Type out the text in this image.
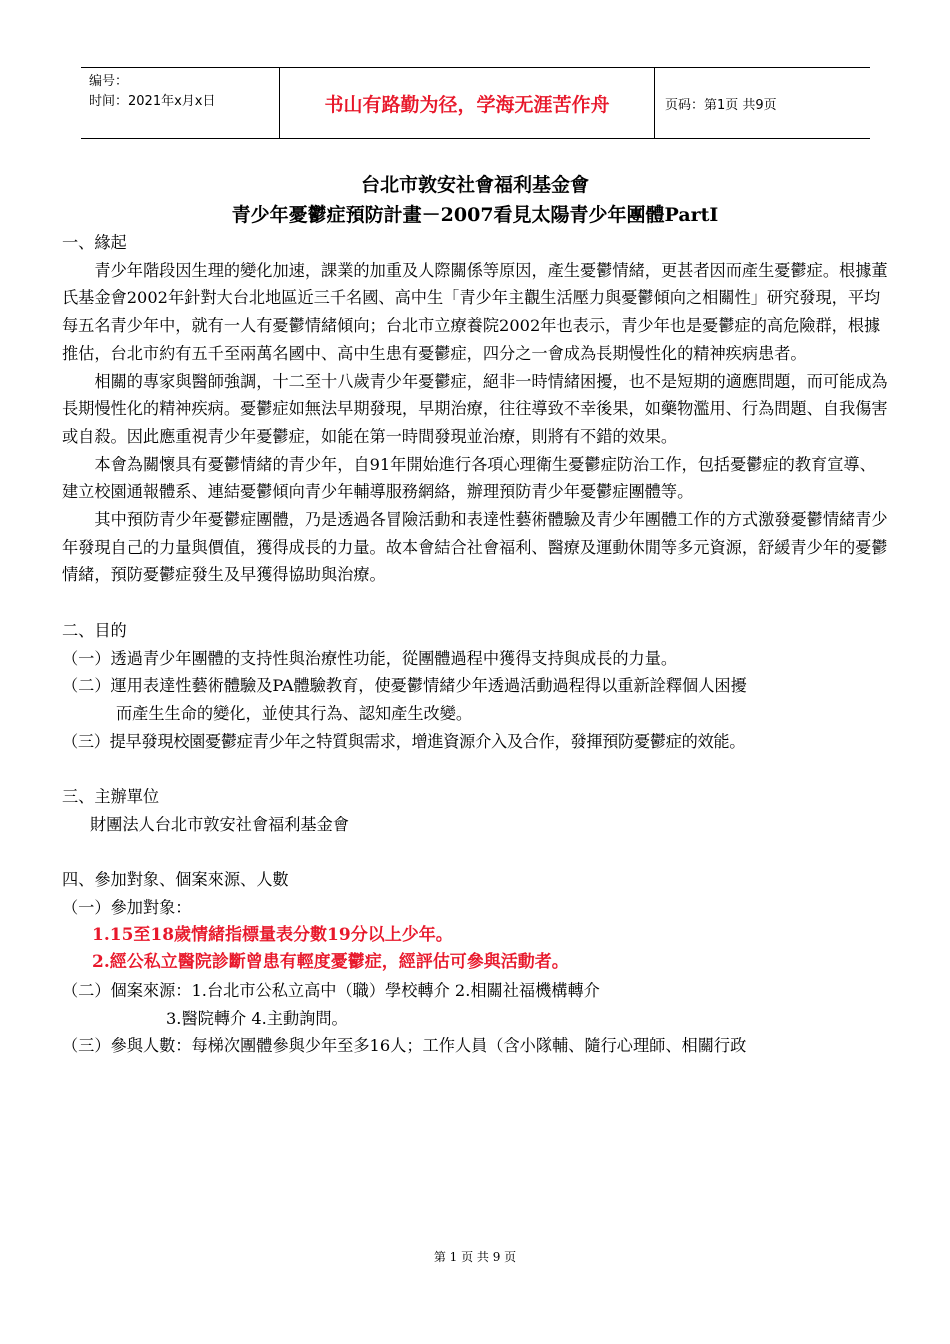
编号：
时间：2021年x月x日	书山有路勤为径，学海无涯苦作舟	页码：第1页 共9页
台北市敦安社會福利基金會
青少年憂鬱症預防計畫－2007看見太陽青少年團體PartI

一、緣起

青少年階段因生理的變化加速，課業的加重及人際關係等原因，產生憂鬱情緒，更甚者因而產生憂鬱症。根據董氏基金會2002年針對大台北地區近三千名國、高中生「青少年主觀生活壓力與憂鬱傾向之相關性」研究發現，平均每五名青少年中，就有一人有憂鬱情緒傾向；台北市立療養院2002年也表示，青少年也是憂鬱症的高危險群，根據推估，台北市約有五千至兩萬名國中、高中生患有憂鬱症，四分之一會成為長期慢性化的精神疾病患者。

相關的專家與醫師強調，十二至十八歲青少年憂鬱症，絕非一時情緒困擾，也不是短期的適應問題，而可能成為長期慢性化的精神疾病。憂鬱症如無法早期發現，早期治療，往往導致不幸後果，如藥物濫用、行為問題、自我傷害或自殺。因此應重視青少年憂鬱症，如能在第一時間發現並治療，則將有不錯的效果。

本會為關懷具有憂鬱情緒的青少年，自91年開始進行各項心理衛生憂鬱症防治工作，包括憂鬱症的教育宣導、建立校園通報體系、連結憂鬱傾向青少年輔導服務網絡，辦理預防青少年憂鬱症團體等。

其中預防青少年憂鬱症團體，乃是透過各冒險活動和表達性藝術體驗及青少年團體工作的方式激發憂鬱情緒青少年發現自己的力量與價值，獲得成長的力量。故本會結合社會福利、醫療及運動休閒等多元資源，舒緩青少年的憂鬱情緒，預防憂鬱症發生及早獲得協助與治療。

二、目的

（一）透過青少年團體的支持性與治療性功能，從團體過程中獲得支持與成長的力量。

（二）運用表達性藝術體驗及PA體驗教育，使憂鬱情緒少年透過活動過程得以重新詮釋個人困擾

而產生生命的變化，並使其行為、認知產生改變。

（三）提早發現校園憂鬱症青少年之特質與需求，增進資源介入及合作，發揮預防憂鬱症的效能。

三、主辦單位

財團法人台北市敦安社會福利基金會

四、參加對象、個案來源、人數

（一）參加對象：

1.15至18歲情緒指標量表分數19分以上少年。

2.經公私立醫院診斷曾患有輕度憂鬱症，經評估可參與活動者。

（二）個案來源：1.台北市公私立高中（職）學校轉介 2.相關社福機構轉介

3.醫院轉介 4.主動詢問。

（三）參與人數：每梯次團體參與少年至多16人；工作人員（含小隊輔、隨行心理師、相關行政

第 1 页 共 9 页
